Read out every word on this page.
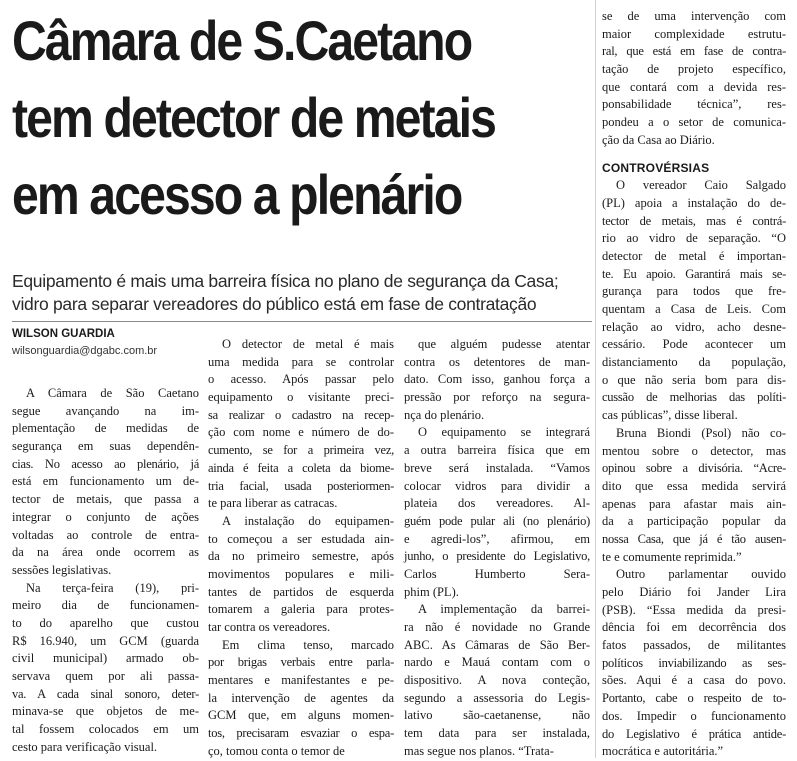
Câmara de S.Caetano
tem detector de metais
em acesso a plenário
Equipamento é mais uma barreira física no plano de segurança da Casa;
vidro para separar vereadores do público está em fase de contratação
WILSON GUARDIA
wilsonguardia@dgabc.com.br
A Câmara de São Caetano
segue avançando na im-
plementação de medidas de
segurança em suas dependên-
cias. No acesso ao plenário, já
está em funcionamento um de-
tector de metais, que passa a
integrar o conjunto de ações
voltadas ao controle de entra-
da na área onde ocorrem as
sessões legislativas.
Na terça-feira (19), pri-
meiro dia de funcionamen-
to do aparelho que custou
R$ 16.940, um GCM (guarda
civil municipal) armado ob-
servava quem por ali passa-
va. A cada sinal sonoro, deter-
minava-se que objetos de me-
tal fossem colocados em um
cesto para verificação visual.
O detector de metal é mais
uma medida para se controlar
o acesso. Após passar pelo
equipamento o visitante preci-
sa realizar o cadastro na recep-
ção com nome e número de do-
cumento, se for a primeira vez,
ainda é feita a coleta da biome-
tria facial, usada posteriormen-
te para liberar as catracas.
A instalação do equipamen-
to começou a ser estudada ain-
da no primeiro semestre, após
movimentos populares e mili-
tantes de partidos de esquerda
tomarem a galeria para protes-
tar contra os vereadores.
Em clima tenso, marcado
por brigas verbais entre parla-
mentares e manifestantes e pe-
la intervenção de agentes da
GCM que, em alguns momen-
tos, precisaram esvaziar o espa-
ço, tomou conta o temor de
que alguém pudesse atentar
contra os detentores de man-
dato. Com isso, ganhou força a
pressão por reforço na segura-
nça do plenário.
O equipamento se integrará
a outra barreira física que em
breve será instalada. “Vamos
colocar vidros para dividir a
plateia dos vereadores. Al-
guém pode pular ali (no plenário)
e agredi-los”, afirmou, em
junho, o presidente do Legislativo,
Carlos Humberto Sera-
phim (PL).
A implementação da barrei-
ra não é novidade no Grande
ABC. As Câmaras de São Ber-
nardo e Mauá contam com o
dispositivo. A nova conteção,
segundo a assessoria do Legis-
lativo são-caetanense, não
tem data para ser instalada,
mas segue nos planos. “Trata-
se de uma intervenção com
maior complexidade estrutu-
ral, que está em fase de contra-
tação de projeto específico,
que contará com a devida res-
ponsabilidade técnica”, res-
pondeu a o setor de comunica-
ção da Casa ao Diário.
CONTROVÉRSIAS
O vereador Caio Salgado
(PL) apoia a instalação do de-
tector de metais, mas é contrá-
rio ao vidro de separação. “O
detector de metal é importan-
te. Eu apoio. Garantirá mais se-
gurança para todos que fre-
quentam a Casa de Leis. Com
relação ao vidro, acho desne-
cessário. Pode acontecer um
distanciamento da população,
o que não seria bom para dis-
cussão de melhorias das políti-
cas públicas”, disse liberal.
Bruna Biondi (Psol) não co-
mentou sobre o detector, mas
opinou sobre a divisória. “Acre-
dito que essa medida servirá
apenas para afastar mais ain-
da a participação popular da
nossa Casa, que já é tão ausen-
te e comumente reprimida.”
Outro parlamentar ouvido
pelo Diário foi Jander Lira
(PSB). “Essa medida da presi-
dência foi em decorrência dos
fatos passados, de militantes
políticos inviabilizando as ses-
sões. Aqui é a casa do povo.
Portanto, cabe o respeito de to-
dos. Impedir o funcionamento
do Legislativo é prática antide-
mocrática e autoritária.”
